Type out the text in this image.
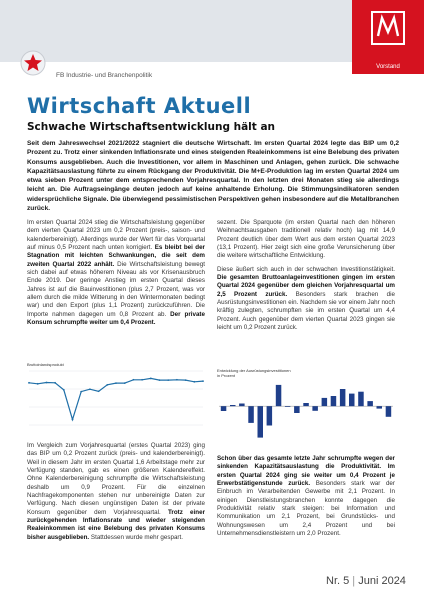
Vorstand
FB Industrie- und Branchenpolitik
Wirtschaft Aktuell
Schwache Wirtschaftsentwicklung hält an
Seit dem Jahreswechsel 2021/2022 stagniert die deutsche Wirtschaft. Im ersten Quartal 2024 legte das BIP um 0,2 Prozent zu. Trotz einer sinkenden Inflationsrate und eines steigenden Realeinkommens ist eine Belebung des privaten Konsums ausgeblieben. Auch die Investitionen, vor allem in Maschinen und Anlagen, gehen zurück. Die schwache Kapazitätsauslastung führte zu einem Rückgang der Produktivität. Die M+E-Produktion lag im ersten Quartal 2024 um etwa sieben Prozent unter dem entsprechenden Vorjahresquartal. In den letzten drei Monaten stieg sie allerdings leicht an. Die Auftragseingänge deuten jedoch auf keine anhaltende Erholung. Die Stimmungsindikatoren senden widersprüchliche Signale. Die überwiegend pessimistischen Perspektiven gehen insbesondere auf die Metallbranchen zurück.
Im ersten Quartal 2024 stieg die Wirtschaftsleistung gegenüber dem vierten Quartal 2023 um 0,2 Prozent (preis-, saison- und kalenderbereinigt). Allerdings wurde der Wert für das Vorquartal auf minus 0,5 Prozent nach unten korrigiert. Es bleibt bei der Stagnation mit leichten Schwankungen, die seit dem zweiten Quartal 2022 anhält. Die Wirtschaftsleistung bewegt sich dabei auf etwas höherem Niveau als vor Krisenausbruch Ende 2019. Der geringe Anstieg im ersten Quartal dieses Jahres ist auf die Bauinvestitionen (plus 2,7 Prozent, was vor allem durch die milde Witterung in den Wintermonaten bedingt war) und den Export (plus 1,1 Prozent) zurückzuführen. Die Importe nahmen dagegen um 0,8 Prozent ab. Der private Konsum schrumpfte weiter um 0,4 Prozent.
sezent. Die Sparquote (im ersten Quartal nach den höheren Weihnachtsausgaben traditionell relativ hoch) lag mit 14,9 Prozent deutlich über dem Wert aus dem ersten Quartal 2023 (13,1 Prozent). Hier zeigt sich eine große Verunsicherung über die weitere wirtschaftliche Entwicklung.
Diese äußert sich auch in der schwachen Investitionstätigkeit. Die gesamten Bruttoanlageinvestitionen gingen im ersten Quartal 2024 gegenüber dem gleichen Vorjahresquartal um 2,5 Prozent zurück. Besonders stark brachen die Ausrüstungsinvestitionen ein. Nachdem sie vor einem Jahr noch kräftig zulegten, schrumpften sie im ersten Quartal um 4,4 Prozent. Auch gegenüber dem vierten Quartal 2023 gingen sie leicht um 0,2 Prozent zurück.
Bruttoinlandsprodukt
Entwicklung der Ausrüstungsinvestitionen
in Prozent
Im Vergleich zum Vorjahresquartal (erstes Quartal 2023) ging das BIP um 0,2 Prozent zurück (preis- und kalenderbereinigt). Weil in diesem Jahr im ersten Quartal 1,6 Arbeitstage mehr zur Verfügung standen, gab es einen größeren Kalendereffekt. Ohne Kalenderbereinigung schrumpfte die Wirtschaftsleistung deshalb um 0,9 Prozent. Für die einzelnen Nachfragekomponenten stehen nur unbereinigte Daten zur Verfügung. Nach diesen ungünstigen Daten ist der private Konsum gegenüber dem Vorjahresquartal. Trotz einer zurückgehenden Inflationsrate und wieder steigenden Realeinkommen ist eine Belebung des privaten Konsums bisher ausgeblieben. Stattdessen wurde mehr gespart.
Schon über das gesamte letzte Jahr schrumpfte wegen der sinkenden Kapazitätsauslastung die Produktivität. Im ersten Quartal 2024 ging sie weiter um 0,4 Prozent je Erwerbstätigenstunde zurück. Besonders stark war der Einbruch im Verarbeitenden Gewerbe mit 2,1 Prozent. In einigen Dienstleistungsbranchen konnte dagegen die Produktivität relativ stark steigen: bei Information und Kommunikation um 2,1 Prozent, bei Grundstücks- und Wohnungswesen um 2,4 Prozent und bei Unternehmensdienstleistern um 2,0 Prozent.
Nr. 5 | Juni 2024
